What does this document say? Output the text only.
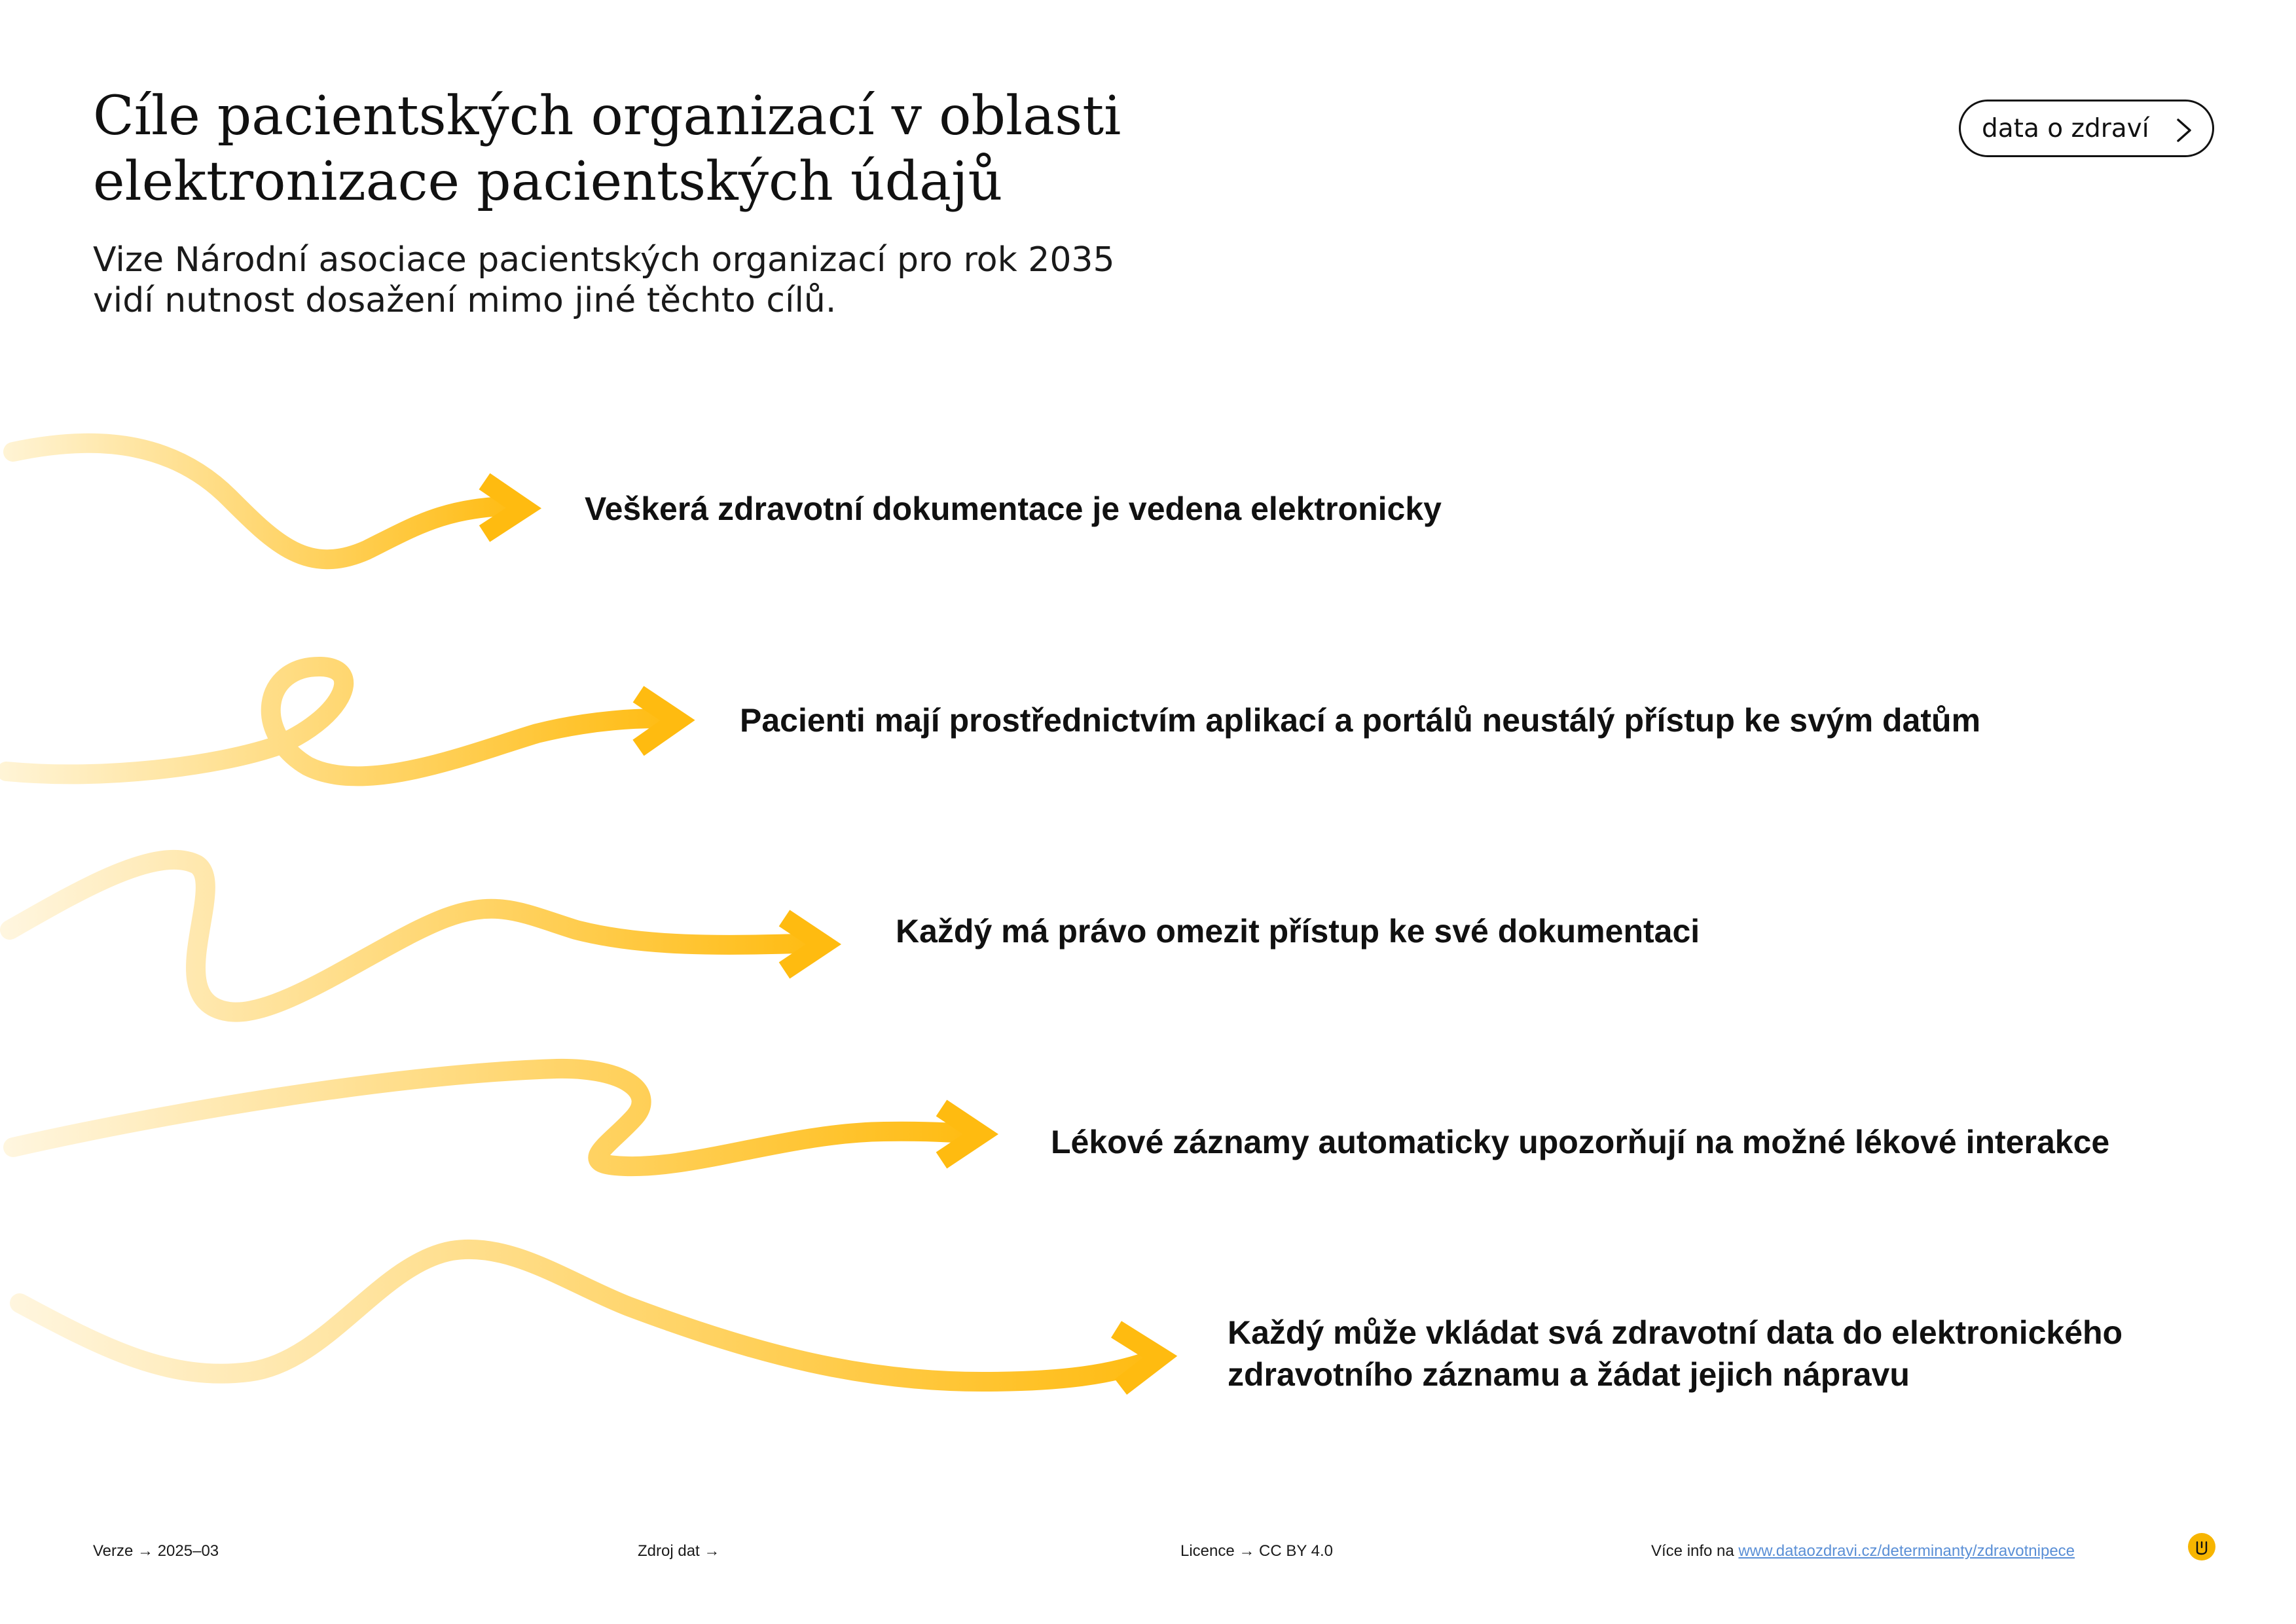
Cíle pacientských organizací v oblasti
elektronizace pacientských údajů

Vize Národní asociace pacientských organizací pro rok 2035
vidí nutnost dosažení mimo jiné těchto cílů.

data o zdraví
Veškerá zdravotní dokumentace je vedena elektronicky
Pacienti mají prostřednictvím aplikací a portálů neustálý přístup ke svým datům
Každý má právo omezit přístup ke své dokumentaci
Lékové záznamy automaticky upozorňují na možné lékové interakce
Každý může vkládat svá zdravotní data do elektronického
zdravotního záznamu a žádat jejich nápravu
Verze → 2025–03	Zdroj dat →	Licence → CC BY 4.0	Více info na www.dataozdravi.cz/determinanty/zdravotnipece
